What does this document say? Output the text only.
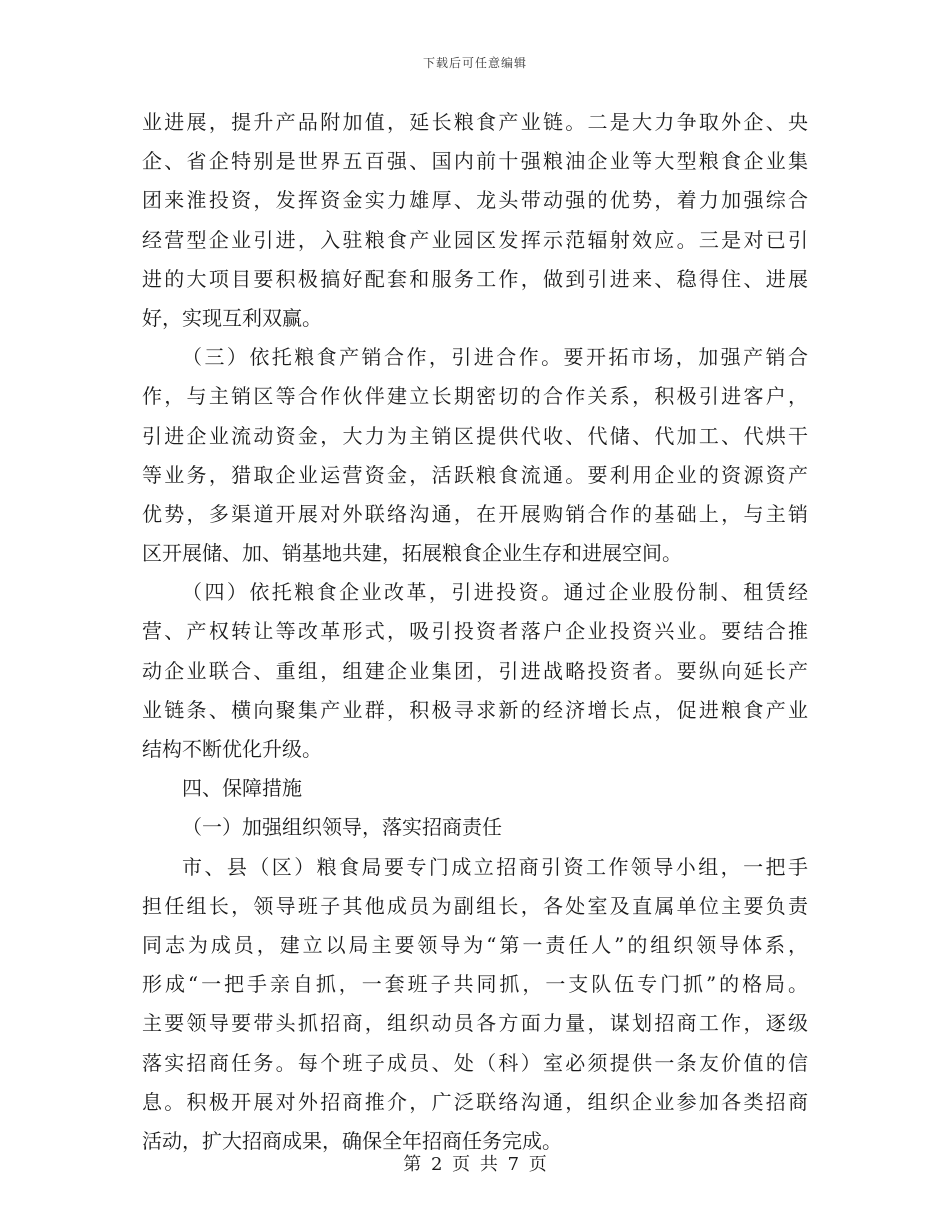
下载后可任意编辑
业进展，提升产品附加值，延长粮食产业链。二是大力争取外企、央
企、省企特别是世界五百强、国内前十强粮油企业等大型粮食企业集
团来淮投资，发挥资金实力雄厚、龙头带动强的优势，着力加强综合
经营型企业引进，入驻粮食产业园区发挥示范辐射效应。三是对已引
进的大项目要积极搞好配套和服务工作，做到引进来、稳得住、进展
好，实现互利双赢。
（三）依托粮食产销合作，引进合作。要开拓市场，加强产销合
作，与主销区等合作伙伴建立长期密切的合作关系，积极引进客户，
引进企业流动资金，大力为主销区提供代收、代储、代加工、代烘干
等业务，猎取企业运营资金，活跃粮食流通。要利用企业的资源资产
优势，多渠道开展对外联络沟通，在开展购销合作的基础上，与主销
区开展储、加、销基地共建，拓展粮食企业生存和进展空间。
（四）依托粮食企业改革，引进投资。通过企业股份制、租赁经
营、产权转让等改革形式，吸引投资者落户企业投资兴业。要结合推
动企业联合、重组，组建企业集团，引进战略投资者。要纵向延长产
业链条、横向聚集产业群，积极寻求新的经济增长点，促进粮食产业
结构不断优化升级。
四、保障措施
（一）加强组织领导，落实招商责任
市、县（区）粮食局要专门成立招商引资工作领导小组，一把手
担任组长，领导班子其他成员为副组长，各处室及直属单位主要负责
同志为成员，建立以局主要领导为“第一责任人”的组织领导体系，
形成“一把手亲自抓，一套班子共同抓，一支队伍专门抓”的格局。
主要领导要带头抓招商，组织动员各方面力量，谋划招商工作，逐级
落实招商任务。每个班子成员、处（科）室必须提供一条友价值的信
息。积极开展对外招商推介，广泛联络沟通，组织企业参加各类招商
活动，扩大招商成果，确保全年招商任务完成。
第 2 页 共 7 页
